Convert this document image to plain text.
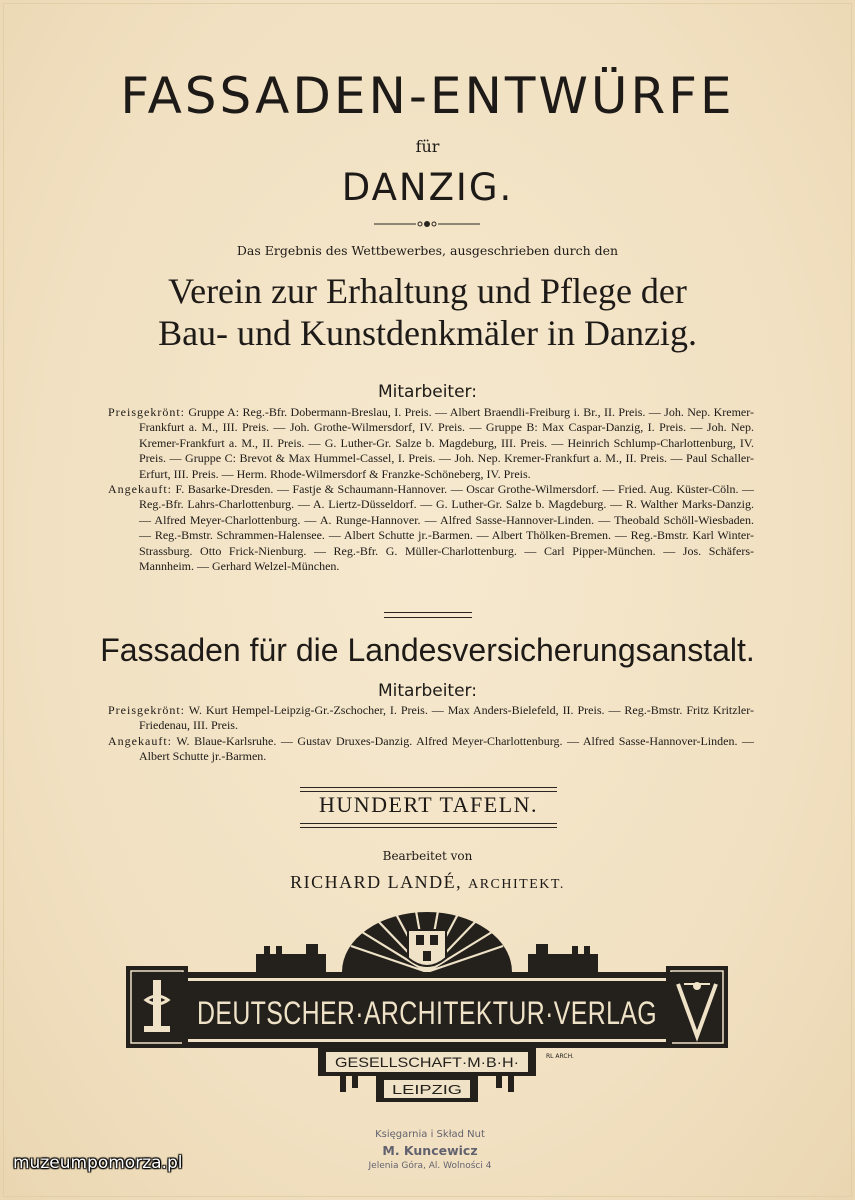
FASSADEN-ENTWÜRFE
für
DANZIG.
Das Ergebnis des Wettbewerbes, ausgeschrieben durch den
Verein zur Erhaltung und Pflege der
Bau- und Kunstdenkmäler in Danzig.
Mitarbeiter:

Preisgekrönt: Gruppe A: Reg.-Bfr. Dobermann-Breslau, I. Preis. — Albert Braendli-Freiburg i. Br., II. Preis. — Joh. Nep. Kremer-Frankfurt a. M., III. Preis. — Joh. Grothe-Wilmersdorf, IV. Preis. — Gruppe B: Max Caspar-Danzig, I. Preis. — Joh. Nep. Kremer-Frankfurt a. M., II. Preis. — G. Luther-Gr. Salze b. Magdeburg, III. Preis. — Heinrich Schlump-Charlottenburg, IV. Preis. — Gruppe C: Brevot & Max Hummel-Cassel, I. Preis. — Joh. Nep. Kremer-Frankfurt a. M., II. Preis. — Paul Schaller-Erfurt, III. Preis. — Herm. Rhode-Wilmersdorf & Franzke-Schöneberg, IV. Preis.

Angekauft: F. Basarke-Dresden. — Fastje & Schaumann-Hannover. — Oscar Grothe-Wilmersdorf. — Fried. Aug. Küster-Cöln. — Reg.-Bfr. Lahrs-Charlottenburg. — A. Liertz-Düsseldorf. — G. Luther-Gr. Salze b. Magdeburg. — R. Walther Marks-Danzig. — Alfred Meyer-Charlottenburg. — A. Runge-Hannover. — Alfred Sasse-Hannover-Linden. — Theobald Schöll-Wiesbaden. — Reg.-Bmstr. Schrammen-Halensee. — Albert Schutte jr.-Barmen. — Albert Thölken-Bremen. — Reg.-Bmstr. Karl Winter-Strassburg. Otto Frick-Nienburg. — Reg.-Bfr. G. Müller-Charlottenburg. — Carl Pipper-München. — Jos. Schäfers-Mannheim. — Gerhard Welzel-München.

Fassaden für die Landesversicherungsanstalt.
Mitarbeiter:

Preisgekrönt: W. Kurt Hempel-Leipzig-Gr.-Zschocher, I. Preis. — Max Anders-Bielefeld, II. Preis. — Reg.-Bmstr. Fritz Kritzler-Friedenau, III. Preis.

Angekauft: W. Blaue-Karlsruhe. — Gustav Druxes-Danzig. Alfred Meyer-Charlottenburg. — Alfred Sasse-Hannover-Linden. — Albert Schutte jr.-Barmen.

HUNDERT TAFELN.
Bearbeitet von
RICHARD LANDÉ, ARCHITEKT.
DEUTSCHER·ARCHITEKTUR·VERLAG
GESELLSCHAFT·M·B·H·
LEIPZIG
RL ARCH.
Księgarnia i Skład Nut
M. Kuncewicz
Jelenia Góra, Al. Wolności 4
muzeumpomorza.pl
